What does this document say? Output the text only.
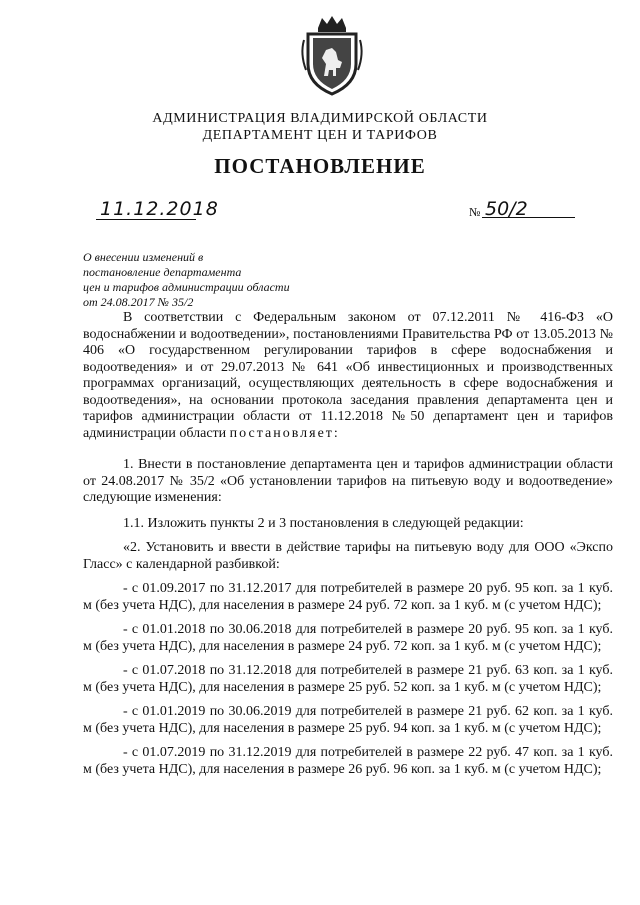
АДМИНИСТРАЦИЯ ВЛАДИМИРСКОЙ ОБЛАСТИ
ДЕПАРТАМЕНТ ЦЕН И ТАРИФОВ
ПОСТАНОВЛЕНИЕ
11.12.2018	№ 50/2
О внесении изменений в
постановление департамента
цен и тарифов администрации области
от 24.08.2017 № 35/2

В соответствии с Федеральным законом от 07.12.2011 № 416-ФЗ «О водоснабжении и водоотведении», постановлениями Правительства РФ от 13.05.2013 № 406 «О государственном регулировании тарифов в сфере водоснабжения и водоотведения» и от 29.07.2013 № 641 «Об инвестиционных и производственных программах организаций, осуществляющих деятельность в сфере водоснабжения и водоотведения», на основании протокола заседания правления департамента цен и тарифов администрации области от 11.12.2018 №50 департамент цен и тарифов администрации области постановляет:

1. Внести в постановление департамента цен и тарифов администрации области от 24.08.2017 № 35/2 «Об установлении тарифов на питьевую воду и водоотведение» следующие изменения:

1.1. Изложить пункты 2 и 3 постановления в следующей редакции:

«2. Установить и ввести в действие тарифы на питьевую воду для ООО «Экспо Гласс» с календарной разбивкой:

- с 01.09.2017 по 31.12.2017 для потребителей в размере 20 руб. 95 коп. за 1 куб. м (без учета НДС), для населения в размере 24 руб. 72 коп. за 1 куб. м (с учетом НДС);

- с 01.01.2018 по 30.06.2018 для потребителей в размере 20 руб. 95 коп. за 1 куб. м (без учета НДС), для населения в размере 24 руб. 72 коп. за 1 куб. м (с учетом НДС);

- с 01.07.2018 по 31.12.2018 для потребителей в размере 21 руб. 63 коп. за 1 куб. м (без учета НДС), для населения в размере 25 руб. 52 коп. за 1 куб. м (с учетом НДС);

- с 01.01.2019 по 30.06.2019 для потребителей в размере 21 руб. 62 коп. за 1 куб. м (без учета НДС), для населения в размере 25 руб. 94 коп. за 1 куб. м (с учетом НДС);

- с 01.07.2019 по 31.12.2019 для потребителей в размере 22 руб. 47 коп. за 1 куб. м (без учета НДС), для населения в размере 26 руб. 96 коп. за 1 куб. м (с учетом НДС);
